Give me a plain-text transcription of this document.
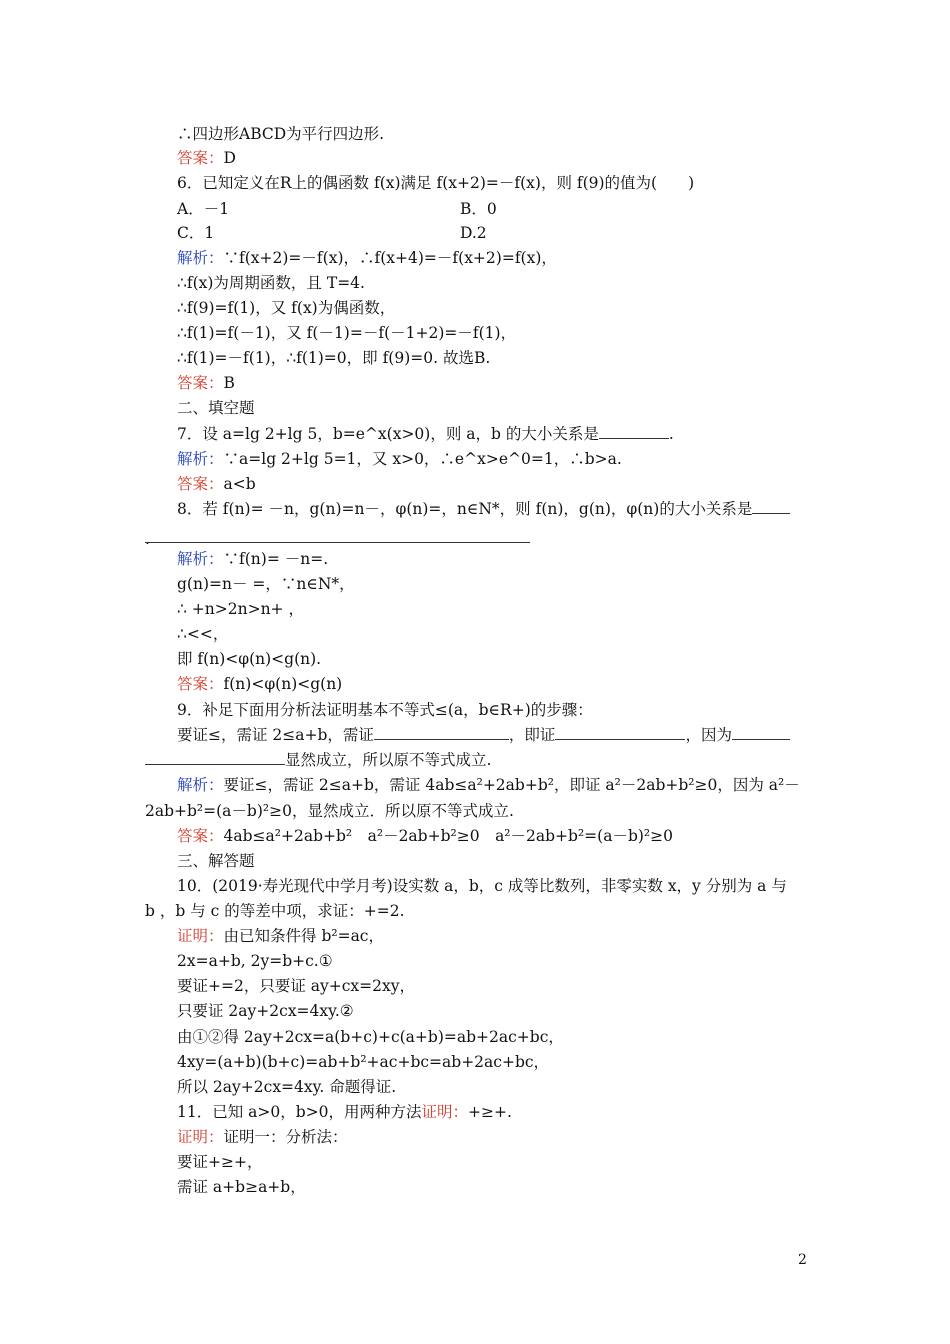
∴四边形ABCD为平行四边形.
答案：D
6．已知定义在R上的偶函数 f(x)满足 f(x+2)=－f(x)，则 f(9)的值为(　　)
A．－1	B．0
C．1	D.2
解析：∵f(x+2)=－f(x)，∴f(x+4)=－f(x+2)=f(x)，
∴f(x)为周期函数，且 T=4.
∴f(9)=f(1)，又 f(x)为偶函数，
∴f(1)=f(－1)，又 f(－1)=－f(－1+2)=－f(1)，
∴f(1)=－f(1)，∴f(1)=0，即 f(9)=0. 故选B.
答案：B
二、填空题
7．设 a=lg 2+lg 5，b=e^x(x>0)，则 a，b 的大小关系是	.
解析：∵a=lg 2+lg 5=1，又 x>0，∴e^x>e^0=1，∴b>a.
答案：a<b
8．若 f(n)= －n，g(n)=n－，φ(n)=，n∈N*，则 f(n)，g(n)，φ(n)的大小关系是

.
解析：∵f(n)= －n=.
g(n)=n－ =，∵n∈N*，
∴ +n>2n>n+ ，
∴<<，
即 f(n)<φ(n)<g(n).
答案：f(n)<φ(n)<g(n)
9．补足下面用分析法证明基本不等式≤(a，b∈R+)的步骤：
要证≤，需证 2≤a+b，需证	，即证	，因为
显然成立，所以原不等式成立.
解析：要证≤，需证 2≤a+b，需证 4ab≤a²+2ab+b²，即证 a²－2ab+b²≥0，因为 a²－
2ab+b²=(a－b)²≥0，显然成立．所以原不等式成立.
答案：4ab≤a²+2ab+b²　a²－2ab+b²≥0　a²－2ab+b²=(a－b)²≥0
三、解答题
10．(2019·寿光现代中学月考)设实数 a，b，c 成等比数列，非零实数 x，y 分别为 a 与
b ，b 与 c 的等差中项，求证：+=2.
证明：由已知条件得 b²=ac，
2x=a+b, 2y=b+c.①
要证+=2，只要证 ay+cx=2xy，
只要证 2ay+2cx=4xy.②
由①②得 2ay+2cx=a(b+c)+c(a+b)=ab+2ac+bc，
4xy=(a+b)(b+c)=ab+b²+ac+bc=ab+2ac+bc，
所以 2ay+2cx=4xy. 命题得证.
11．已知 a>0，b>0，用两种方法证明：+≥+.
证明：证明一：分析法：
要证+≥+，
需证 a+b≥a+b，
2
